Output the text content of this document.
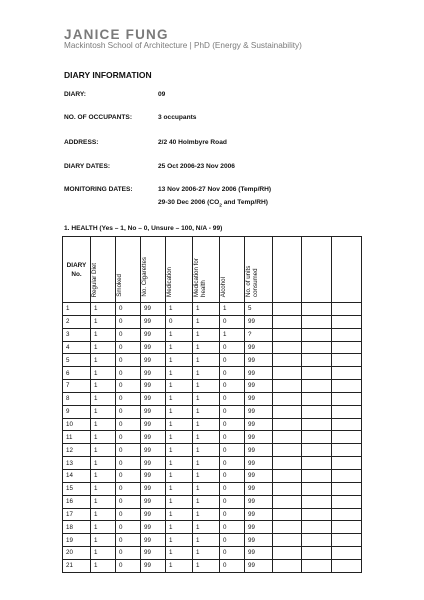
JANICE FUNG
Mackintosh School of Architecture | PhD (Energy & Sustainability)
DIARY INFORMATION
DIARY:	09
NO. OF OCCUPANTS:	3 occupants
ADDRESS:	2/2 40 Holmbyre Road
DIARY DATES:	25 Oct 2006-23 Nov 2006
MONITORING DATES:	13 Nov 2006-27 Nov 2006 (Temp/RH)
29-30 Dec 2006 ($CO_2$ and Temp/RH)
1. HEALTH (Yes – 1, No – 0, Unsure – 100, N/A - 99)
DIARY
No.	Regular Diet	Smoked	No. Cigarettes	Medication	Medication for health	Alcohol	No. of units consumed			
1	1	0	99	1	1	1	5			
2	1	0	99	0	1	0	99			
3	1	0	99	1	1	1	?			
4	1	0	99	1	1	0	99			
5	1	0	99	1	1	0	99			
6	1	0	99	1	1	0	99			
7	1	0	99	1	1	0	99			
8	1	0	99	1	1	0	99			
9	1	0	99	1	1	0	99			
10	1	0	99	1	1	0	99			
11	1	0	99	1	1	0	99			
12	1	0	99	1	1	0	99			
13	1	0	99	1	1	0	99			
14	1	0	99	1	1	0	99			
15	1	0	99	1	1	0	99			
16	1	0	99	1	1	0	99			
17	1	0	99	1	1	0	99			
18	1	0	99	1	1	0	99			
19	1	0	99	1	1	0	99			
20	1	0	99	1	1	0	99			
21	1	0	99	1	1	0	99			
